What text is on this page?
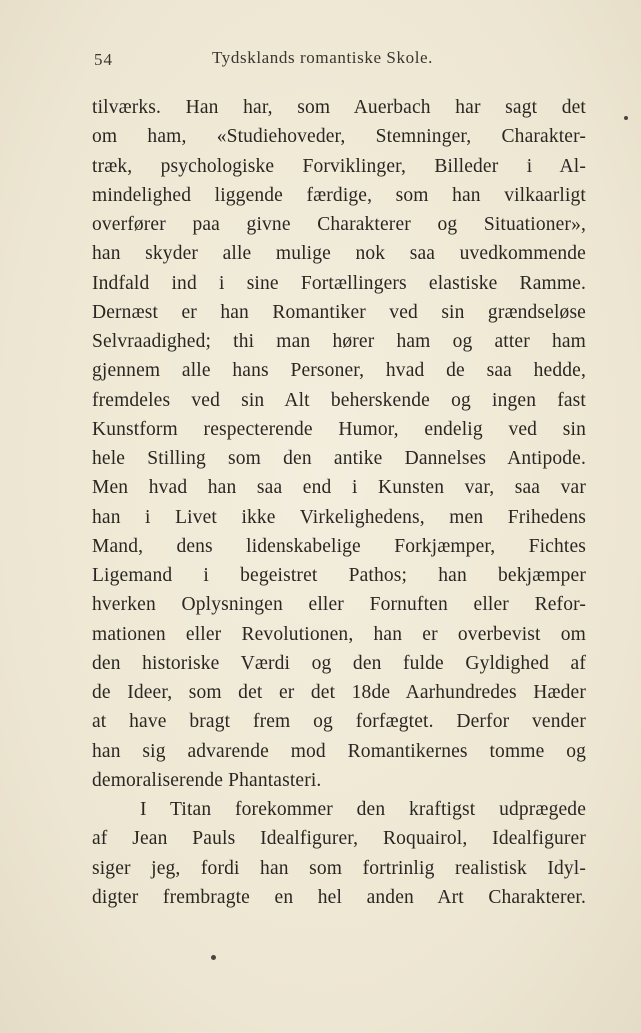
54	Tydsklands romantiske Skole.
tilværks. Han har, som Auerbach har sagt det
om ham, «Studiehoveder, Stemninger, Charakter-
træk, psychologiske Forviklinger, Billeder i Al-
mindelighed liggende færdige, som han vilkaarligt
overfører paa givne Charakterer og Situationer»,
han skyder alle mulige nok saa uvedkommende
Indfald ind i sine Fortællingers elastiske Ramme.
Dernæst er han Romantiker ved sin grændseløse
Selvraadighed; thi man hører ham og atter ham
gjennem alle hans Personer, hvad de saa hedde,
fremdeles ved sin Alt beherskende og ingen fast
Kunstform respecterende Humor, endelig ved sin
hele Stilling som den antike Dannelses Antipode.
Men hvad han saa end i Kunsten var, saa var
han i Livet ikke Virkelighedens, men Frihedens
Mand, dens lidenskabelige Forkjæmper, Fichtes
Ligemand i begeistret Pathos; han bekjæmper
hverken Oplysningen eller Fornuften eller Refor-
mationen eller Revolutionen, han er overbevist om
den historiske Værdi og den fulde Gyldighed af
de Ideer, som det er det 18de Aarhundredes Hæder
at have bragt frem og forfægtet. Derfor vender
han sig advarende mod Romantikernes tomme og
demoraliserende Phantasteri.
I Titan forekommer den kraftigst udprægede
af Jean Pauls Idealfigurer, Roquairol, Idealfigurer
siger jeg, fordi han som fortrinlig realistisk Idyl-
digter frembragte en hel anden Art Charakterer.
